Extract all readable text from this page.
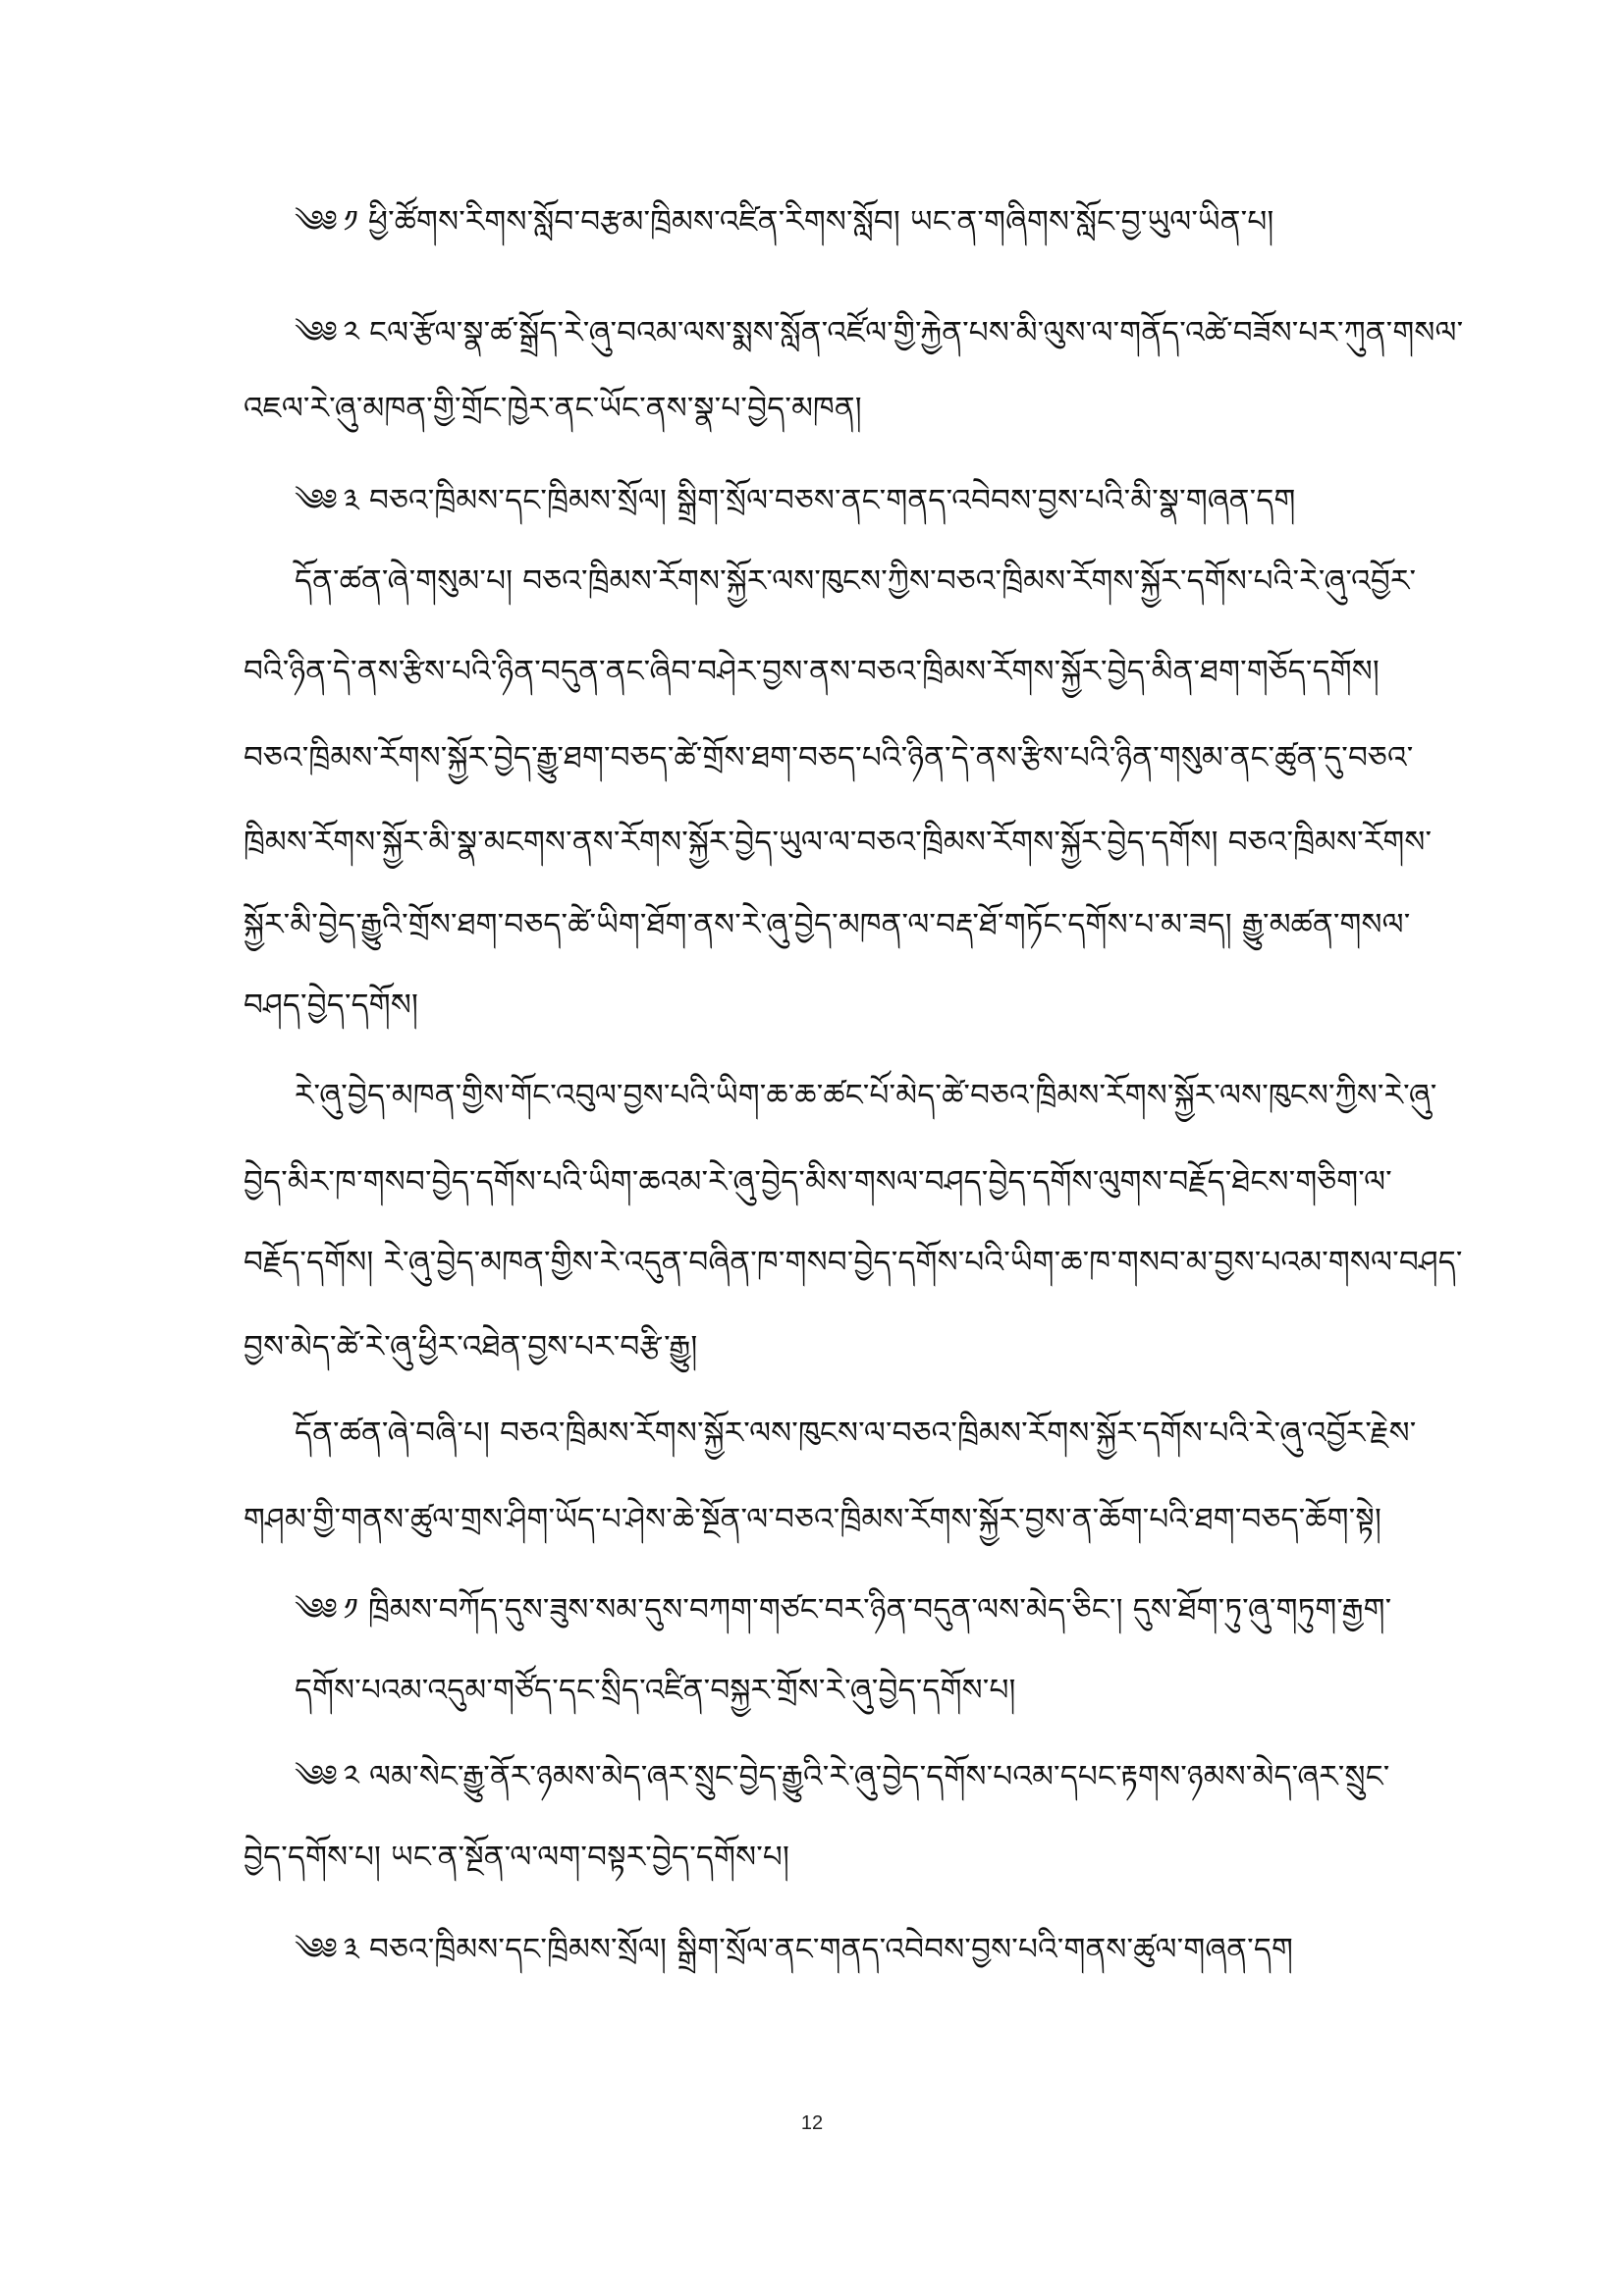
༄༅ ༡ ཕྱི་ཚོགས་རིགས་སློབ་བརྩམ་ཁྲིམས་འཛིན་རིགས་སློབ། ཡང་ན་གཞིགས་སློང་བྱ་ཡུལ་ཡིན་པ།
༄༅ ༢ ངལ་རྩོལ་སྣ་ཚ་སྒྲོད་རེ་ཞུ་བའམ་ལས་སྨས་སློན་འཛོལ་གྱི་རྐྱེན་པས་མི་ལུས་ལ་གནོད་འཚེ་བཟོས་པར་ཀུན་གསལ་
འཇལ་རེ་ཞུ་མཁན་གྱི་གྲོང་ཁྱེར་ནང་ཡོང་ནས་སྣ་པ་བྱེད་མཁན།
༄༅ ༣ བཅའ་ཁྲིམས་དང་ཁྲིམས་སྲོལ། སྒྲིག་སྲོལ་བཅས་ནང་གནད་འབེབས་བྱས་པའི་མི་སྣ་གཞན་དག
དོན་ཚན་ཞེ་གསུམ་པ། བཅའ་ཁྲིམས་རོགས་སྐྱོར་ལས་ཁུངས་ཀྱིས་བཅའ་ཁྲིམས་རོགས་སྐྱོར་དགོས་པའི་རེ་ཞུ་འབྱོར་
བའི་ཉིན་དེ་ནས་རྩིས་པའི་ཉིན་བདུན་ནང་ཞིབ་བཤེར་བྱས་ནས་བཅའ་ཁྲིམས་རོགས་སྐྱོར་བྱེད་མིན་ཐག་གཅོད་དགོས།
བཅའ་ཁྲིམས་རོགས་སྐྱོར་བྱེད་རྒྱུ་ཐག་བཅད་ཚེ་གྲོས་ཐག་བཅད་པའི་ཉིན་དེ་ནས་རྩིས་པའི་ཉིན་གསུམ་ནང་ཚུན་དུ་བཅའ་
ཁྲིམས་རོགས་སྐྱོར་མི་སྣ་མངགས་ནས་རོགས་སྐྱོར་བྱེད་ཡུལ་ལ་བཅའ་ཁྲིམས་རོགས་སྐྱོར་བྱེད་དགོས། བཅའ་ཁྲིམས་རོགས་
སྐྱོར་མི་བྱེད་རྒྱུའི་གྲོས་ཐག་བཅད་ཚེ་ཡིག་ཐོག་ནས་རེ་ཞུ་བྱེད་མཁན་ལ་བརྡ་ཐོ་གཏོང་དགོས་པ་མ་ཟད། རྒྱུ་མཚན་གསལ་
བཤད་བྱེད་དགོས།
རེ་ཞུ་བྱེད་མཁན་གྱིས་གོང་འབུལ་བྱས་པའི་ཡིག་ཆ་ཆ་ཚང་པོ་མེད་ཚེ་བཅའ་ཁྲིམས་རོགས་སྐྱོར་ལས་ཁུངས་ཀྱིས་རེ་ཞུ་
བྱེད་མིར་ཁ་གསབ་བྱེད་དགོས་པའི་ཡིག་ཆའམ་རེ་ཞུ་བྱེད་མིས་གསལ་བཤད་བྱེད་དགོས་ལུགས་བརྗོད་ཐེངས་གཅིག་ལ་
བརྗོད་དགོས། རེ་ཞུ་བྱེད་མཁན་གྱིས་རེ་འདུན་བཞིན་ཁ་གསབ་བྱེད་དགོས་པའི་ཡིག་ཆ་ཁ་གསབ་མ་བྱས་པའམ་གསལ་བཤད་
བྱས་མེད་ཚེ་རེ་ཞུ་ཕྱིར་འཐེན་བྱས་པར་བརྩི་རྒྱུ།
དོན་ཚན་ཞེ་བཞི་པ། བཅའ་ཁྲིམས་རོགས་སྐྱོར་ལས་ཁུངས་ལ་བཅའ་ཁྲིམས་རོགས་སྐྱོར་དགོས་པའི་རེ་ཞུ་འབྱོར་རྗེས་
གཤམ་གྱི་གནས་ཚུལ་གྲས་ཤིག་ཡོད་པ་ཤེས་ཆེ་སྔོན་ལ་བཅའ་ཁྲིམས་རོགས་སྐྱོར་བྱས་ན་ཆོག་པའི་ཐག་བཅད་ཆོག་སྟེ།
༄༅ ༡ ཁྲིམས་བཀོད་དུས་ཟུས་སམ་དུས་བཀག་གཙང་བར་ཉིན་བདུན་ལས་མེད་ཅིང་། དུས་ཐོག་ཏུ་ཞུ་གཏུག་རྒྱག་
དགོས་པའམ་འདུམ་གཙོད་དང་སྲིད་འཛིན་བསྐྱར་གྲོས་རེ་ཞུ་བྱེད་དགོས་པ།
༄༅ ༢ ལམ་སེང་རྒྱུ་ནོར་ཉམས་མེད་ཞར་སྲུང་བྱེད་རྒྱུའི་རེ་ཞུ་བྱེད་དགོས་པའམ་དཔང་རྟགས་ཉམས་མེད་ཞར་སྲུང་
བྱེད་དགོས་པ། ཡང་ན་སྔོན་ལ་ལག་བསྟར་བྱེད་དགོས་པ།
༄༅ ༣ བཅའ་ཁྲིམས་དང་ཁྲིམས་སྲོལ། སྒྲིག་སྲོལ་ནང་གནད་འབེབས་བྱས་པའི་གནས་ཚུལ་གཞན་དག
12
